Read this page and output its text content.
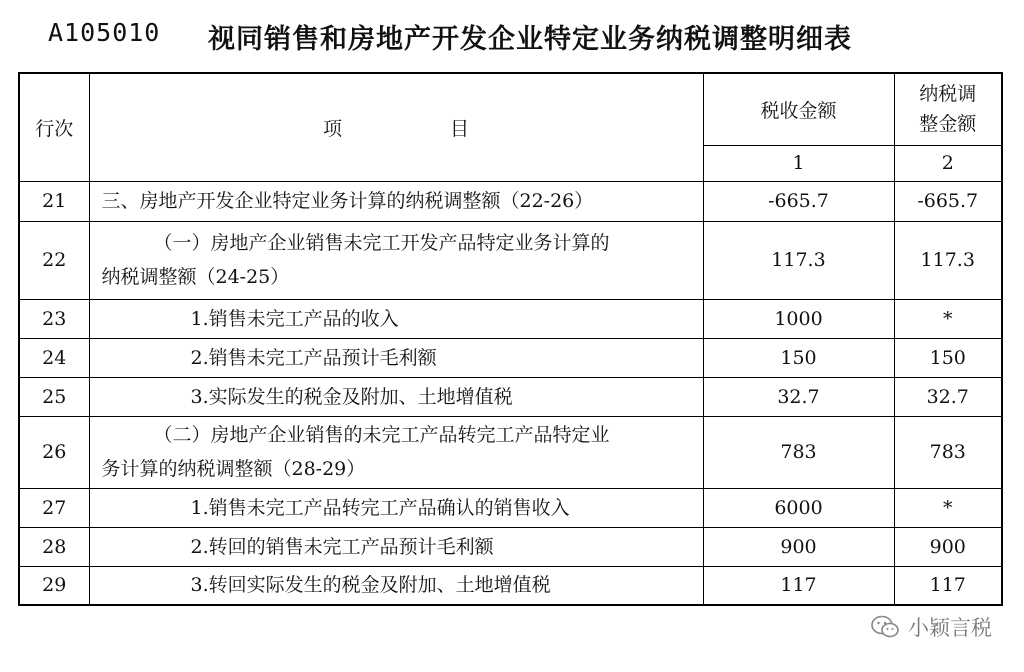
A105010 视同销售和房地产开发企业特定业务纳税调整明细表
行次	项 目	税收金额	纳税调
整金额

		1	2
21	三、房地产开发企业特定业务计算的纳税调整额（22-26）	-665.7	-665.7
22	（一）房地产企业销售未完工开发产品特定业务计算的
纳税调整额（24-25）	117.3	117.3
23	1.销售未完工产品的收入	1000	*
24	2.销售未完工产品预计毛利额	150	150
25	3.实际发生的税金及附加、土地增值税	32.7	32.7
26	（二）房地产企业销售的未完工产品转完工产品特定业
务计算的纳税调整额（28-29）	783	783
27	1.销售未完工产品转完工产品确认的销售收入	6000	*
28	2.转回的销售未完工产品预计毛利额	900	900
29	3.转回实际发生的税金及附加、土地增值税	117	117
小颖言税
